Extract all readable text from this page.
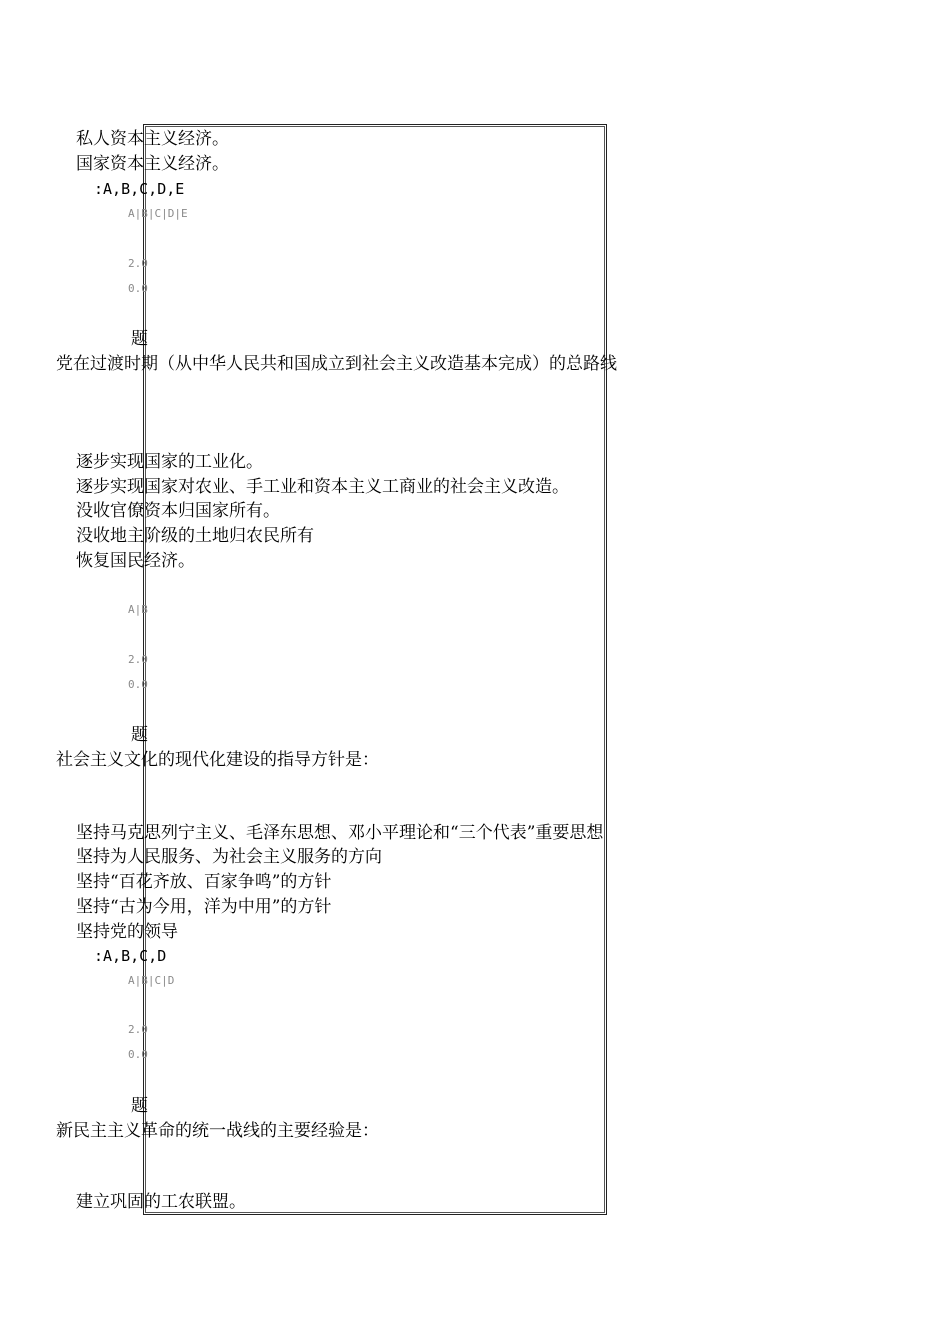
私人资本主义经济。
国家资本主义经济。
:A,B,C,D,E
A|B|C|D|E
2.0
0.0
题
党在过渡时期（从中华人民共和国成立到社会主义改造基本完成）的总路线
逐步实现国家的工业化。
逐步实现国家对农业、手工业和资本主义工商业的社会主义改造。
没收官僚资本归国家所有。
没收地主阶级的土地归农民所有
恢复国民经济。
A|B
2.0
0.0
题
社会主义文化的现代化建设的指导方针是：
坚持马克思列宁主义、毛泽东思想、邓小平理论和“三个代表”重要思想
坚持为人民服务、为社会主义服务的方向
坚持“百花齐放、百家争鸣”的方针
坚持“古为今用，洋为中用”的方针
坚持党的领导
:A,B,C,D
A|B|C|D
2.0
0.0
题
新民主主义革命的统一战线的主要经验是：
建立巩固的工农联盟。
